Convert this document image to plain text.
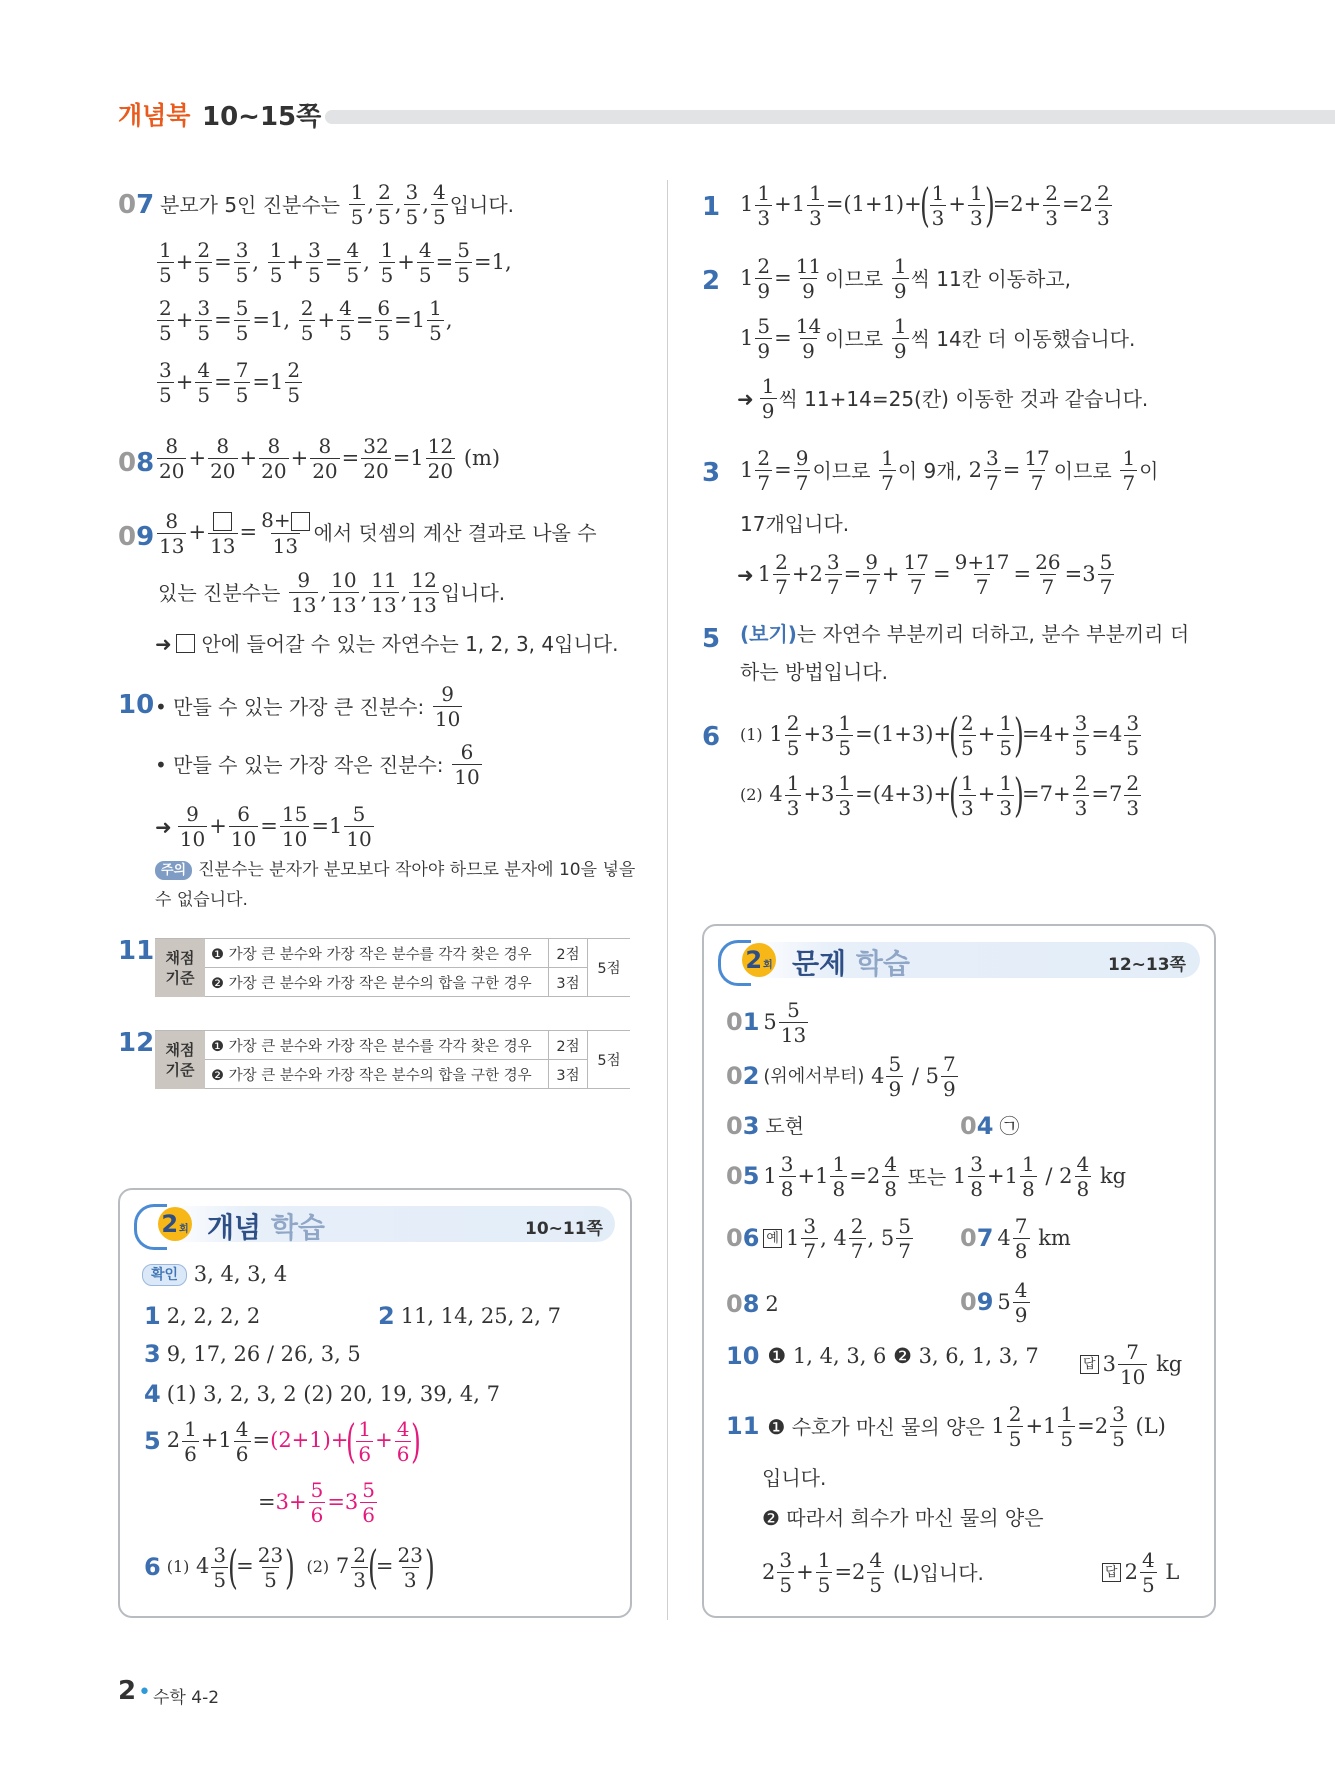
개념북 10~15쪽
07 분모가 5인 진분수는

1
5
, 2
5
, 3
5
, 4
5
입니다.
1
5
+ 2
5
= 3
5
, 1
5
+ 3
5
= 4
5
, 1
5
+ 4
5
= 5
5
=1,
2
5
+ 3
5
= 5
5
=1, 2
5
+ 4
5
= 6
5
=1 1
5
,
3
5
+ 4
5
= 7
5
=1 2
5
08
8
20
+ 8
20
+ 8
20
+ 8
20
= 32
20
=1 12
20

(m)
09
8
13
+
13
=
8+
13
에서 덧셈의 계산 결과로 나올 수
있는 진분수는

9
13
, 10
13
, 11
13
, 12
13
입니다.
➜
안에 들어갈 수 있는 자연수는 1, 2, 3, 4입니다.
10 • 만들 수 있는 가장 큰 진분수:

9
10
• 만들 수 있는 가장 작은 진분수:

6
10
➜
9
10
+ 6
10
= 15
10
=1 5
10
주의 진분수는 분자가 분모보다 작아야 하므로 분자에 10을 넣을
수 없습니다.
11 채점
기준	❶ 가장 큰 분수와 가장 작은 분수를 각각 찾은 경우	2점	5점
	❷ 가장 큰 분수와 가장 작은 분수의 합을 구한 경우	3점	
12 채점
기준	❶ 가장 큰 분수와 가장 작은 분수를 각각 찾은 경우	2점	5점
	❷ 가장 큰 분수와 가장 작은 분수의 합을 구한 경우	3점	
2회 개념 학습	10~11쪽
확인
3, 4, 3, 4
1 2, 2, 2, 2	2 11, 14, 25, 2, 7
3 9, 17, 26 / 26, 3, 5
4 (1) 3, 2, 3, 2 (2) 20, 19, 39, 4, 7
5 2 1
6
+1 4
6
= (2+1)+
( 1
6
+ $\frac{4}{6}$ )
= $3+ \frac{5}{6} =3$ 5
6
6 (1) 4 3
5 (
= 23
5 )
(2) 7 2
3 (
= 23
3 )
1 1 1
3
+1 1
3
=(1+1)+
( 1
3
+ 1
3 )
=2+ 2
3
=2 2
3
2 1 2
9
= 11
9
이므로

1
9
씩 11칸 이동하고,
1 5
9
= 14
9
이므로

1
9
씩 14칸 더 이동했습니다.
➜
1
9
씩 11+14=25(칸) 이동한 것과 같습니다.
3 1 2
7
= 9
7
이므로

1
7
이 9개, 2 3
7
= 17
7
이므로

1
7
이
17개입니다.
➜ 1 2
7
+2 3
7
= 9
7
+ 17
7
= 9+17
7
= 26
7
=3 5
7
5 (보기) 는 자연수 부분끼리 더하고, 분수 부분끼리 더
하는 방법입니다.
6 (1) 1 2
5
+3 1
5
=(1+3)+
( 2
5
+ 1
5 )
=4+ 3
5
=4 3
5
(2) 4 1
3
+3 1
3
=(4+3)+
( 1
3
+ 1
3 )
=7+ 2
3
=7 2
3
2회 문제 학습	12~13쪽
01 5 5
13
02 (위에서부터) 4 5
9
/ 5 7
9
03 도현	04 ㉠
05 1 3
8
+1 1
8
=2 4
8

또는 1 3
8
+1 1
8
/ 2 4
8

kg
06 예 1 3
7
, 4 2
7
, 5 5
7 07 4 7
8

km
08 2	09 5 4
9
10 ❶ 1, 4, 3, 6 ❷ 3, 6, 1, 3, 7	답 3 7
10

kg
11 ❶ 수호가 마신 물의 양은 1 2
5
+1 1
5
=2 3
5

(L)
입니다.
❷ 따라서 희수가 마신 물의 양은
2 3
5
+ 1
5
=2 4
5

(L)입니다.	답 2 4
5

L
2 • 수학 4-2
